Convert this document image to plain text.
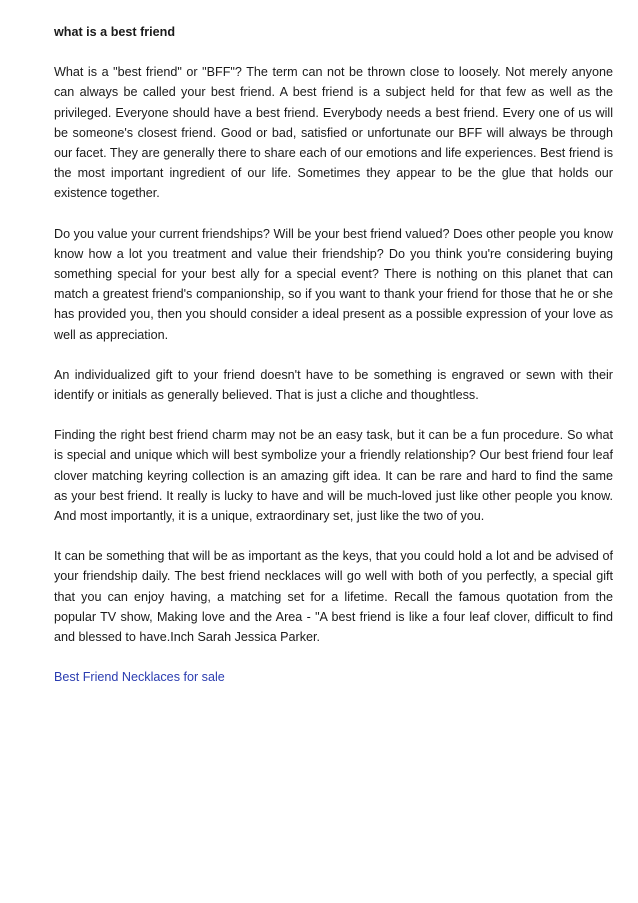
what is a best friend

What is a "best friend" or "BFF"? The term can not be thrown close to loosely. Not merely anyone can always be called your best friend. A best friend is a subject held for that few as well as the privileged. Everyone should have a best friend. Everybody needs a best friend. Every one of us will be someone's closest friend. Good or bad, satisfied or unfortunate our BFF will always be through our facet. They are generally there to share each of our emotions and life experiences. Best friend is the most important ingredient of our life. Sometimes they appear to be the glue that holds our existence together.

Do you value your current friendships? Will be your best friend valued? Does other people you know know how a lot you treatment and value their friendship? Do you think you're considering buying something special for your best ally for a special event? There is nothing on this planet that can match a greatest friend's companionship, so if you want to thank your friend for those that he or she has provided you, then you should consider a ideal present as a possible expression of your love as well as appreciation.

An individualized gift to your friend doesn't have to be something is engraved or sewn with their identify or initials as generally believed. That is just a cliche and thoughtless.

Finding the right best friend charm may not be an easy task, but it can be a fun procedure. So what is special and unique which will best symbolize your a friendly relationship? Our best friend four leaf clover matching keyring collection is an amazing gift idea. It can be rare and hard to find the same as your best friend. It really is lucky to have and will be much-loved just like other people you know. And most importantly, it is a unique, extraordinary set, just like the two of you.

It can be something that will be as important as the keys, that you could hold a lot and be advised of your friendship daily. The best friend necklaces will go well with both of you perfectly, a special gift that you can enjoy having, a matching set for a lifetime. Recall the famous quotation from the popular TV show, Making love and the Area - "A best friend is like a four leaf clover, difficult to find and blessed to have.Inch Sarah Jessica Parker.

Best Friend Necklaces for sale
